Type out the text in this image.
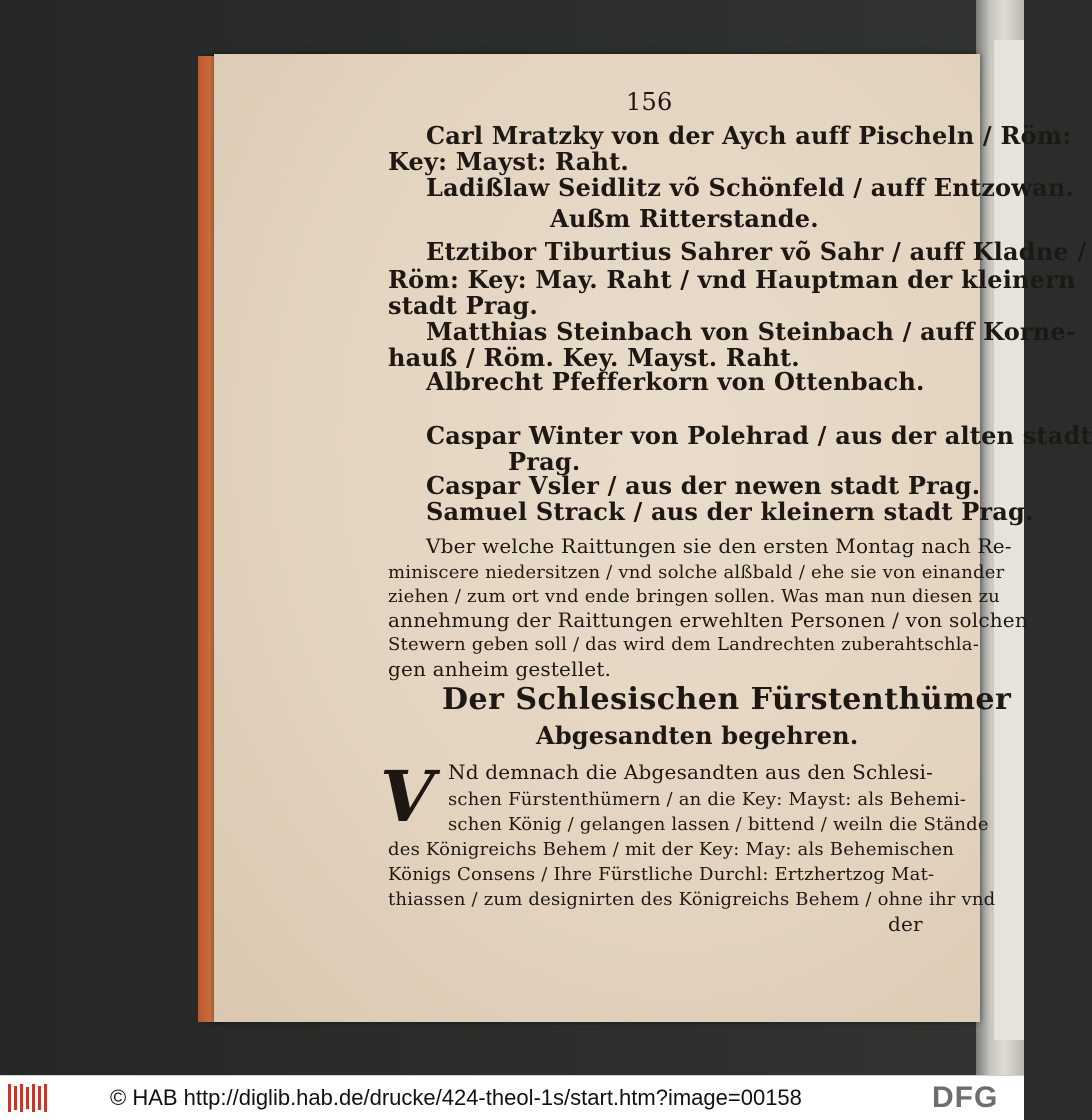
156
Carl Mratzky von der Aych auff Pischeln / Röm:
Key: Mayst: Raht.
Ladißlaw Seidlitz võ Schönfeld / auff Entzowan.
Außm Ritterstande.
Etztibor Tiburtius Sahrer võ Sahr / auff Kladne /
Röm: Key: May. Raht / vnd Hauptman der kleinern
stadt Prag.
Matthias Steinbach von Steinbach / auff Korne-
hauß / Röm. Key. Mayst. Raht.
Albrecht Pfefferkorn von Ottenbach.
Caspar Winter von Polehrad / aus der alten stadt
Prag.
Caspar Vsler / aus der newen stadt Prag.
Samuel Strack / aus der kleinern stadt Prag.
Vber welche Raittungen sie den ersten Montag nach Re-
miniscere niedersitzen / vnd solche alßbald / ehe sie von einander
ziehen / zum ort vnd ende bringen sollen. Was man nun diesen zu
annehmung der Raittungen erwehlten Personen / von solchen
Stewern geben soll / das wird dem Landrechten zuberahtschla-
gen anheim gestellet.
Der Schlesischen Fürstenthümer
Abgesandten begehren.
V Nd demnach die Abgesandten aus den Schlesi-
schen Fürstenthümern / an die Key: Mayst: als Behemi-
schen König / gelangen lassen / bittend / weiln die Stände
des Königreichs Behem / mit der Key: May: als Behemischen
Königs Consens / Ihre Fürstliche Durchl: Ertzhertzog Mat-
thiassen / zum designirten des Königreichs Behem / ohne ihr vnd
der
© HAB http://diglib.hab.de/drucke/424-theol-1s/start.htm?image=00158	DFG
